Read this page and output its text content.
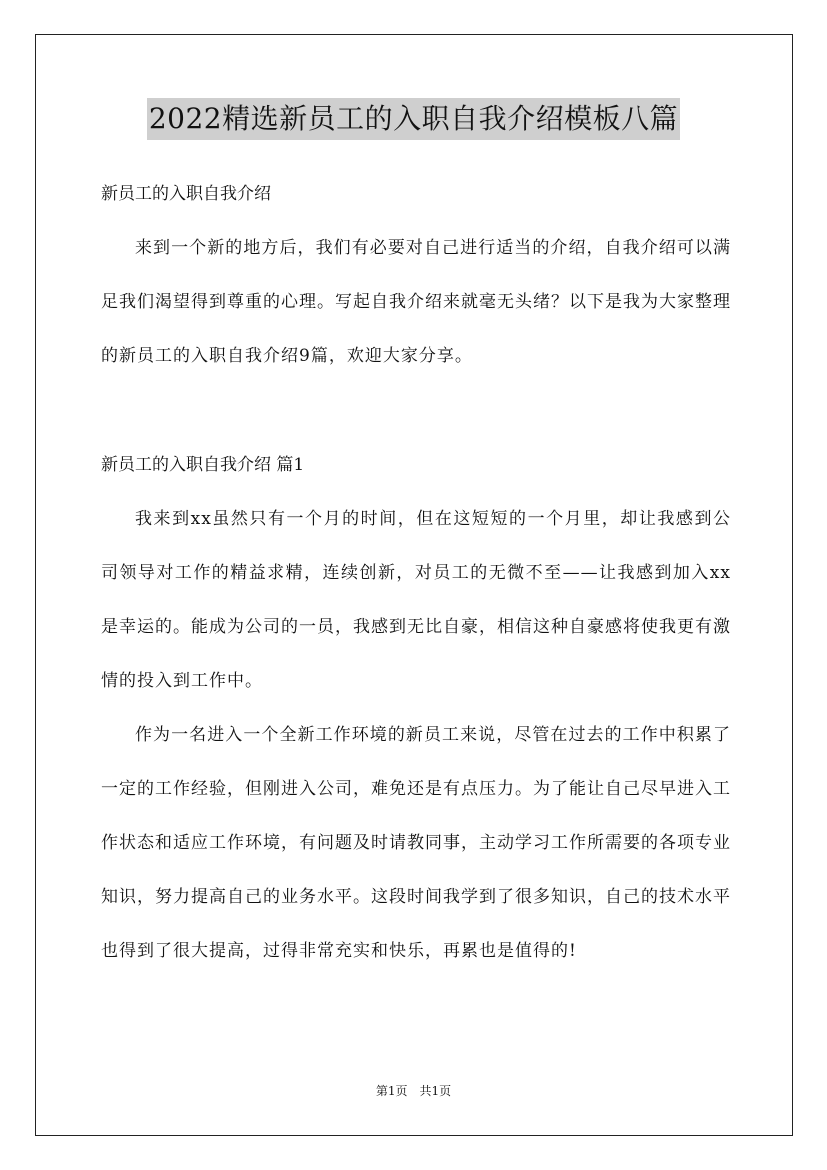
2022精选新员工的入职自我介绍模板八篇
新员工的入职自我介绍

来到一个新的地方后，我们有必要对自己进行适当的介绍，自我介绍可以满足我们渴望得到尊重的心理。写起自我介绍来就毫无头绪？以下是我为大家整理的新员工的入职自我介绍9篇，欢迎大家分享。

新员工的入职自我介绍 篇1

我来到xx虽然只有一个月的时间，但在这短短的一个月里，却让我感到公司领导对工作的精益求精，连续创新，对员工的无微不至——让我感到加入xx是幸运的。能成为公司的一员，我感到无比自豪，相信这种自豪感将使我更有激情的投入到工作中。

作为一名进入一个全新工作环境的新员工来说，尽管在过去的工作中积累了一定的工作经验，但刚进入公司，难免还是有点压力。为了能让自己尽早进入工作状态和适应工作环境，有问题及时请教同事，主动学习工作所需要的各项专业知识，努力提高自己的业务水平。这段时间我学到了很多知识，自己的技术水平也得到了很大提高，过得非常充实和快乐，再累也是值得的!

第1页　共1页
